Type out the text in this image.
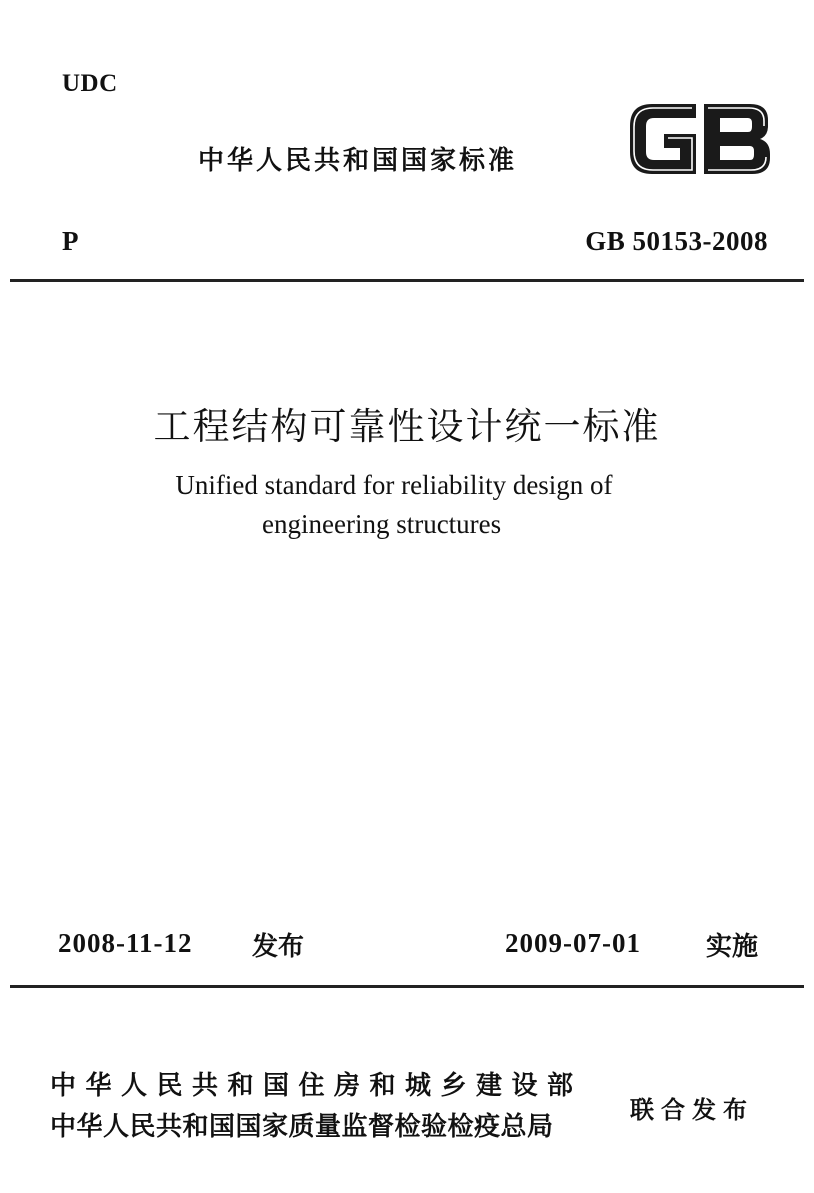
UDC
中华人民共和国国家标准
P	GB 50153-2008
工程结构可靠性设计统一标准
Unified standard for reliability design of
engineering structures
2008-11-12 发布	2009-07-01	实施
中华人民共和国住房和城乡建设部
中华人民共和国国家质量监督检验检疫总局
联合发布
